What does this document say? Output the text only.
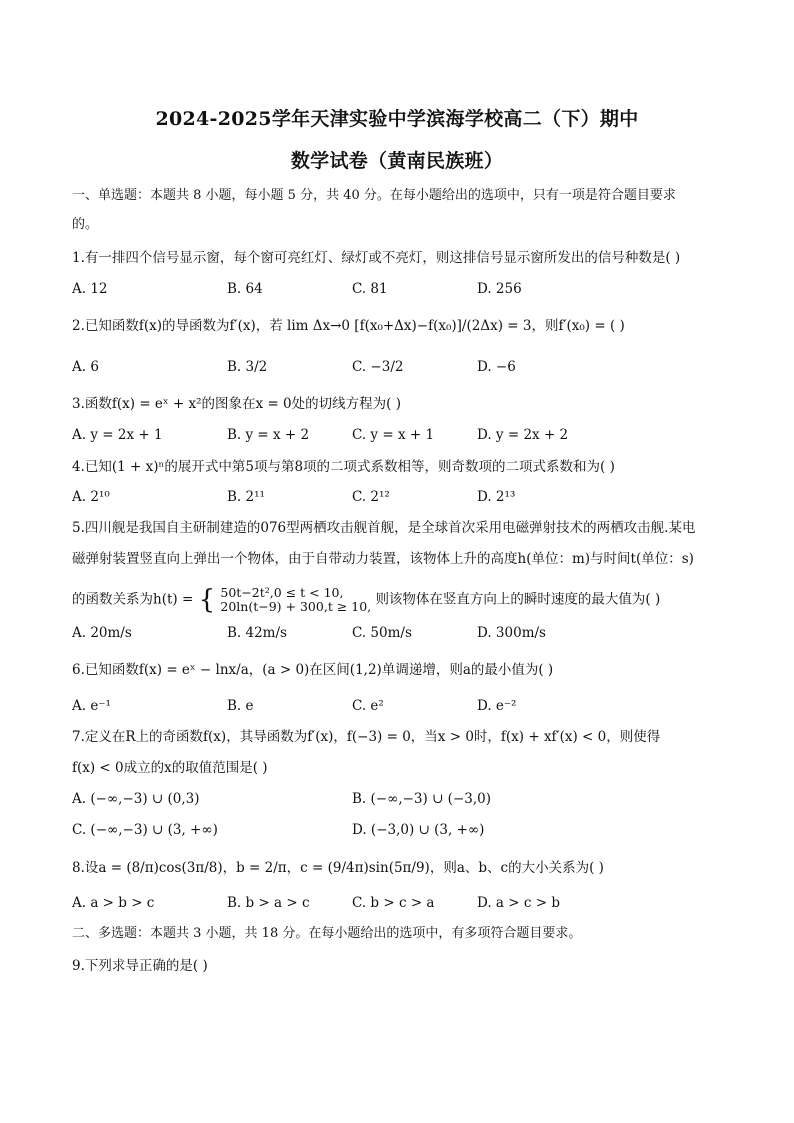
2024-2025学年天津实验中学滨海学校高二（下）期中
数学试卷（黄南民族班）
一、单选题：本题共 8 小题，每小题 5 分，共 40 分。在每小题给出的选项中，只有一项是符合题目要求
的。
1.有一排四个信号显示窗，每个窗可亮红灯、绿灯或不亮灯，则这排信号显示窗所发出的信号种数是( )
A. 12	B. 64	C. 81	D. 256
2.已知函数f(x)的导函数为f′(x)，若 lim Δx→0 [f(x₀+Δx)−f(x₀)]/(2Δx) = 3，则f′(x₀) = ( )
A. 6	B. 3/2	C. −3/2	D. −6
3.函数f(x) = eˣ + x²的图象在x = 0处的切线方程为( )
A. y = 2x + 1	B. y = x + 2	C. y = x + 1	D. y = 2x + 2
4.已知(1 + x)ⁿ的展开式中第5项与第8项的二项式系数相等，则奇数项的二项式系数和为( )
A. 2¹⁰	B. 2¹¹	C. 2¹²	D. 2¹³
5.四川舰是我国自主研制建造的076型两栖攻击舰首舰，是全球首次采用电磁弹射技术的两栖攻击舰.某电
磁弹射装置竖直向上弹出一个物体，由于自带动力装置，该物体上升的高度h(单位：m)与时间t(单位：s)
的函数关系为h(t) = { 50t−2t²,0 ≤ t < 10,
20ln(t−9) + 300,t ≥ 10, 则该物体在竖直方向上的瞬时速度的最大值为( )
A. 20m/s	B. 42m/s	C. 50m/s	D. 300m/s
6.已知函数f(x) = eˣ − lnx/a，(a > 0)在区间(1,2)单调递增，则a的最小值为( )
A. e⁻¹	B. e	C. e²	D. e⁻²
7.定义在R上的奇函数f(x)，其导函数为f′(x)，f(−3) = 0，当x > 0时，f(x) + xf′(x) < 0，则使得
f(x) < 0成立的x的取值范围是( )
A. (−∞,−3) ∪ (0,3)	B. (−∞,−3) ∪ (−3,0)
C. (−∞,−3) ∪ (3, +∞)	D. (−3,0) ∪ (3, +∞)
8.设a = (8/π)cos(3π/8)，b = 2/π，c = (9/4π)sin(5π/9)，则a、b、c的大小关系为( )
A. a > b > c	B. b > a > c	C. b > c > a	D. a > c > b
二、多选题：本题共 3 小题，共 18 分。在每小题给出的选项中，有多项符合题目要求。
9.下列求导正确的是( )
